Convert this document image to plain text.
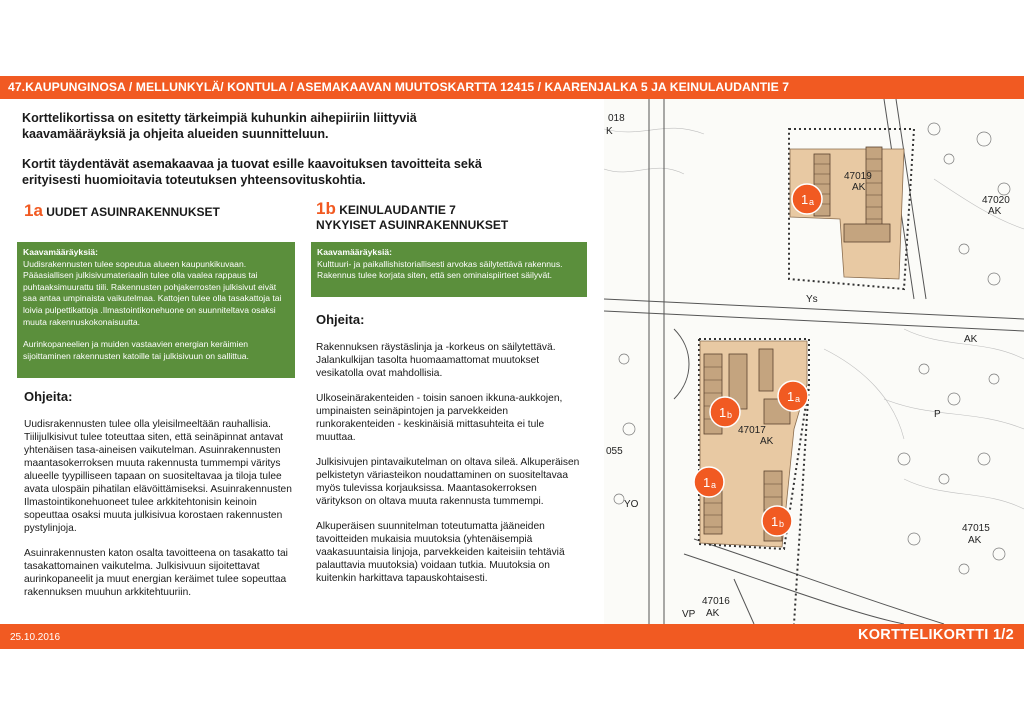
47.KAUPUNGINOSA / MELLUNKYLÄ/ KONTULA / ASEMAKAAVAN MUUTOSKARTTA 12415 / KAARENJALKA 5 JA KEINULAUDANTIE 7

Korttelikortissa on esitetty tärkeimpiä kuhunkin aihepiiriin liittyviä kaavamääräyksiä ja ohjeita alueiden suunnitteluun.

Kortit täydentävät asemakaavaa ja tuovat esille kaavoituksen tavoitteita sekä erityisesti huomioitavia toteutuksen yhteensovituskohtia.

1a UUDET ASUINRAKENNUKSET
Kaavamääräyksiä:

Uudisrakennusten tulee sopeutua alueen kaupunkikuvaan. Pääasiallisen julkisivumateriaalin tulee olla vaalea rappaus tai puhtaaksimuurattu tiili. Rakennusten pohjakerrosten julkisivut eivät saa antaa umpinaista vaikutelmaa. Kattojen tulee olla tasakattoja tai loivia pulpettikattoja .Ilmastointikonehuone on suunniteltava osaksi muuta rakennuskokonaisuutta.

Aurinkopaneelien ja muiden vastaavien energian keräimien sijoittaminen rakennusten katoille tai julkisivuun on sallittua.

Ohjeita:

Uudisrakennusten tulee olla yleisilmeeltään rauhallisia. Tiilijulkisivut tulee toteuttaa siten, että seinäpinnat antavat yhtenäisen tasa-aineisen vaikutelman. Asuinrakennusten maantasokerroksen muuta rakennusta tummempi väritys alueelle tyypilliseen tapaan on suositeltavaa ja tiloja tulee avata ulospäin pihatilan elävöittämiseksi. Asuinrakennusten Ilmastointikonehuoneet tulee arkkitehtonisin keinoin sopeuttaa osaksi muuta julkisivua korostaen rakennusten pystylinjoja.

Asuinrakennusten katon osalta tavoitteena on tasakatto tai tasakattomainen vaikutelma. Julkisivuun sijoitettavat aurinkopaneelit ja muut energian keräimet tulee sopeuttaa rakennuksen muuhun arkkitehtuuriin.

1b KEINULAUDANTIE 7
NYKYISET ASUINRAKENNUKSET
Kaavamääräyksiä:

Kulttuuri- ja paikallishistoriallisesti arvokas säilytettävä rakennus. Rakennus tulee korjata siten, että sen ominaispiirteet säilyvät.

Ohjeita:

Rakennuksen räystäslinja ja -korkeus on säilytettävä. Jalankulkijan tasolta huomaamattomat muutokset vesikatolla ovat mahdollisia.

Ulkoseinärakenteiden - toisin sanoen ikkuna-aukkojen, umpinaisten seinäpintojen ja parvekkeiden runkorakenteiden - keskinäisiä mittasuhteita ei tule muuttaa.

Julkisivujen pintavaikutelman on oltava sileä. Alkuperäisen pelkistetyn väriasteikon noudattaminen on suositeltavaa myös tulevissa korjauksissa. Maantasokerroksen väritykson on oltava muuta rakennusta tummempi.

Alkuperäisen suunnitelman toteutumatta jääneiden tavoitteiden mukaisia muutoksia (yhtenäisempiä vaakasuuntaisia linjoja, parvekkeiden kaiteisiin tehtäviä palauttavia muutoksia) voidaan tutkia. Muutoksia on kuitenkin harkittava tapauskohtaisesti.

018
K
47019
AK
47020
AK
Ys
AK
47017
AK
P
055
YO
47015
AK
47016
AK
VP
1 a
1 a
1 b
1 a
1 b
25.10.2016	KORTTELIKORTTI 1/2
